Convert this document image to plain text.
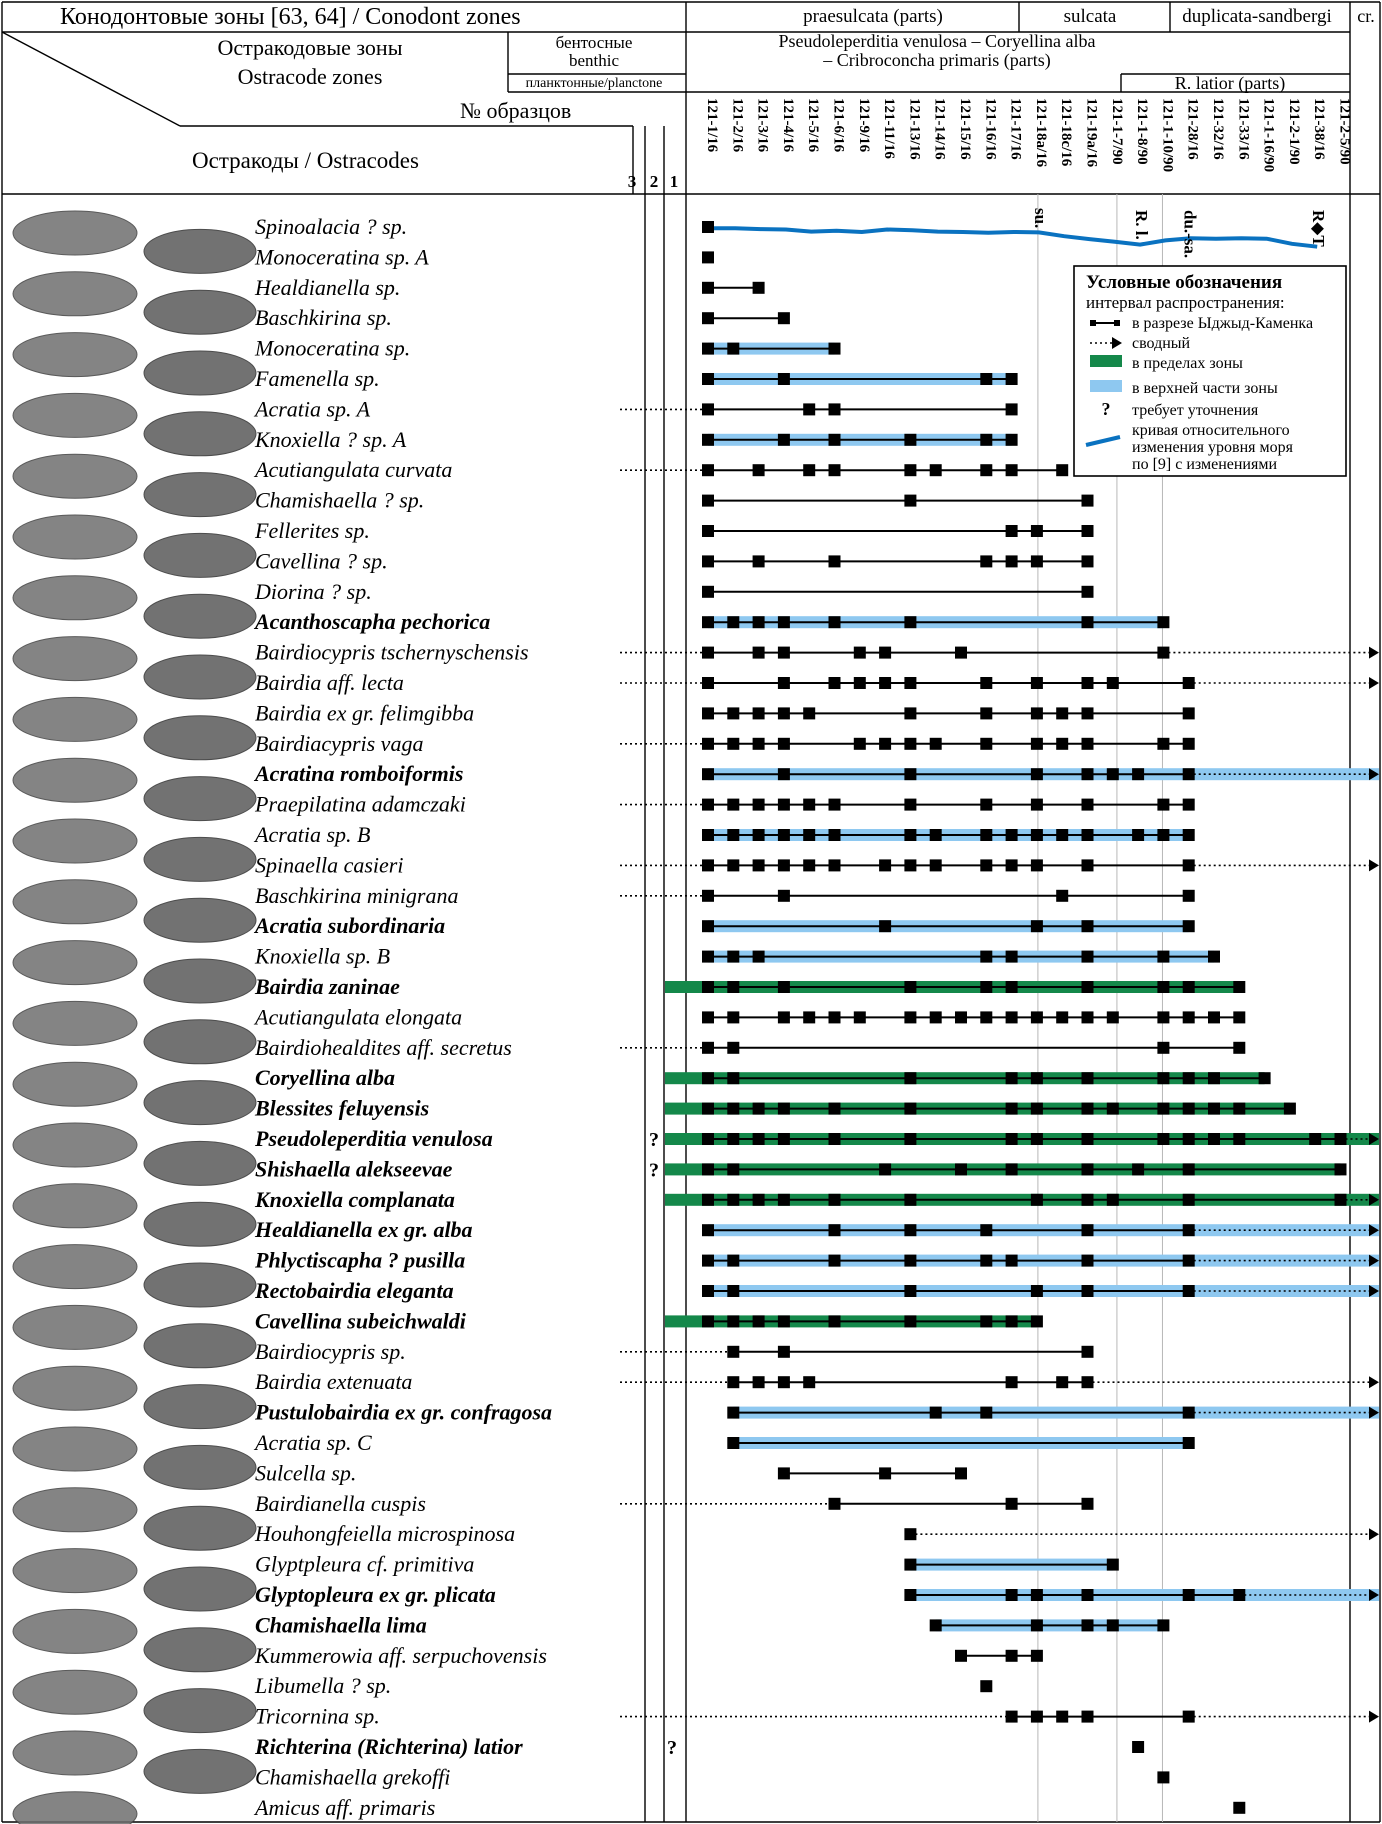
Конодонтовые зоны [63, 64] / Conodont zones	praesulcata (parts)	sulcata	duplicata-sandbergi cr.
Остракодовые зоны
Ostracode zones
бентосные
benthic
планктонные/planctone
Pseudoleperditia venulosa – Coryellina alba
– Cribroconcha primaris (parts)
R. latior (parts)
№ образцов
Остракоды / Ostracodes
3 2 1
121-1/16 121-2/16 121-3/16 121-4/16 121-5/16 121-6/16 121-9/16 121-11/16 121-13/16 121-14/16 121-15/16 121-16/16 121-17/16 121-18a/16 121-18c/16 121-19a/16 121-1-7/90 121-1-8/90 121-1-10/90 121-28/16 121-32/16 121-33/16 121-1-16/90 121-2-1/90 121-38/16 121-2-5/90
su.	R. l. du.-sa.	R◆T
Spinoalacia ? sp.
Monoceratina sp. A
Healdianella sp.
Baschkirina sp.
Monoceratina sp.
Famenella sp.
Acratia sp. A
Knoxiella ? sp. A
Acutiangulata curvata
Chamishaella ? sp.
Fellerites sp.
Cavellina ? sp.
Diorina ? sp.
Acanthoscapha pechorica
Bairdiocypris tschernyschensis
Bairdia aff. lecta
Bairdia ex gr. felimgibba
Bairdiacypris vaga
Acratina romboiformis
Praepilatina adamczaki
Acratia sp. B
Spinaella casieri
Baschkirina minigrana
Acratia subordinaria
Knoxiella sp. B
Bairdia zaninae
Acutiangulata elongata
Bairdiohealdites aff. secretus
Coryellina alba
Blessites feluyensis
Pseudoleperditia venulosa	?
Shishaella alekseevae	?
Knoxiella complanata
Healdianella ex gr. alba
Phlyctiscapha ? pusilla
Rectobairdia eleganta
Cavellina subeichwaldi
Bairdiocypris sp.
Bairdia extenuata
Pustulobairdia ex gr. confragosa
Acratia sp. C
Sulcella sp.
Bairdianella cuspis
Houhongfeiella microspinosa
Glyptpleura cf. primitiva
Glyptopleura ex gr. plicata
Chamishaella lima
Kummerowia aff. serpuchovensis
Libumella ? sp.
Tricornina sp.
Richterina (Richterina) latior	?
Chamishaella grekoffi
Amicus aff. primaris
Условные обозначения
интервал распространения:
в разрезе Ыджыд-Каменка
сводный
в пределах зоны
в верхней части зоны
? требует уточнения
кривая относительного
изменения уровня моря
по [9] с изменениями
